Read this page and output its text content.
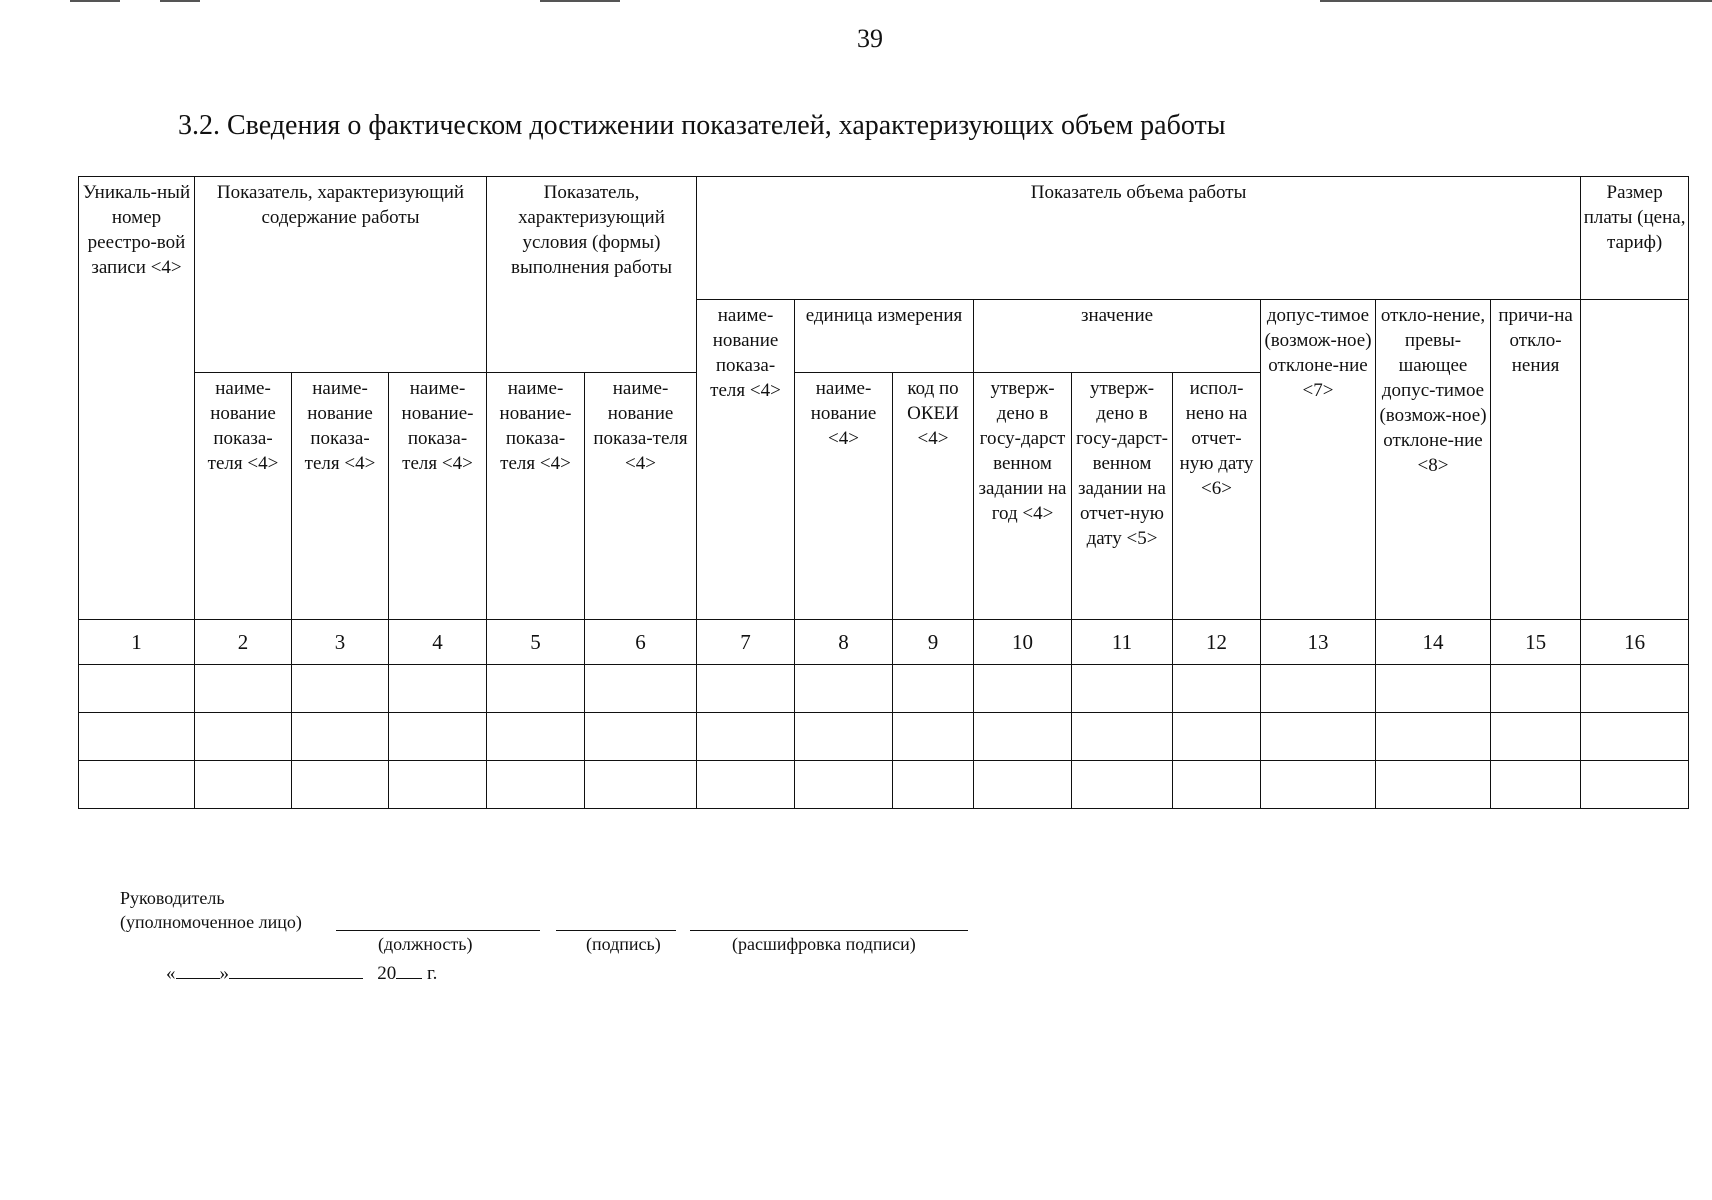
39
3.2. Сведения о фактическом достижении показателей, характеризующих объем работы
Уникаль-ный номер реестро-вой записи <4>	Показатель, характеризующий содержание работы			Показатель, характеризующий условия (формы) выполнения работы		Показатель объема работы									Размер платы (цена, тариф)
						наиме-нование показа-теля <4>	единица измерения		значение			допус-тимое (возмож-ное) отклоне-ние <7>	откло-нение, превы-шающее допус-тимое (возмож-ное) отклоне-ние <8>	причи-на откло-нения	
	наиме-нование показа-теля <4>	наиме-нование показа-теля <4>	наиме-нование-показа-теля <4>	наиме-нование-показа-теля <4>	наиме-нование показа-теля <4>		наиме-нование <4>	код по ОКЕИ <4>	утверж-дено в госу-дарст венном задании на год <4>	утверж-дено в госу-дарст-венном задании на отчет-ную дату <5>	испол-нено на отчет-ную дату <6>				
1	2	3	4	5	6	7	8	9	10	11	12	13	14	15	16

Руководитель
(уполномоченное лицо)
(должность)	(подпись)	(расшифровка подписи)
« »	20 г.
